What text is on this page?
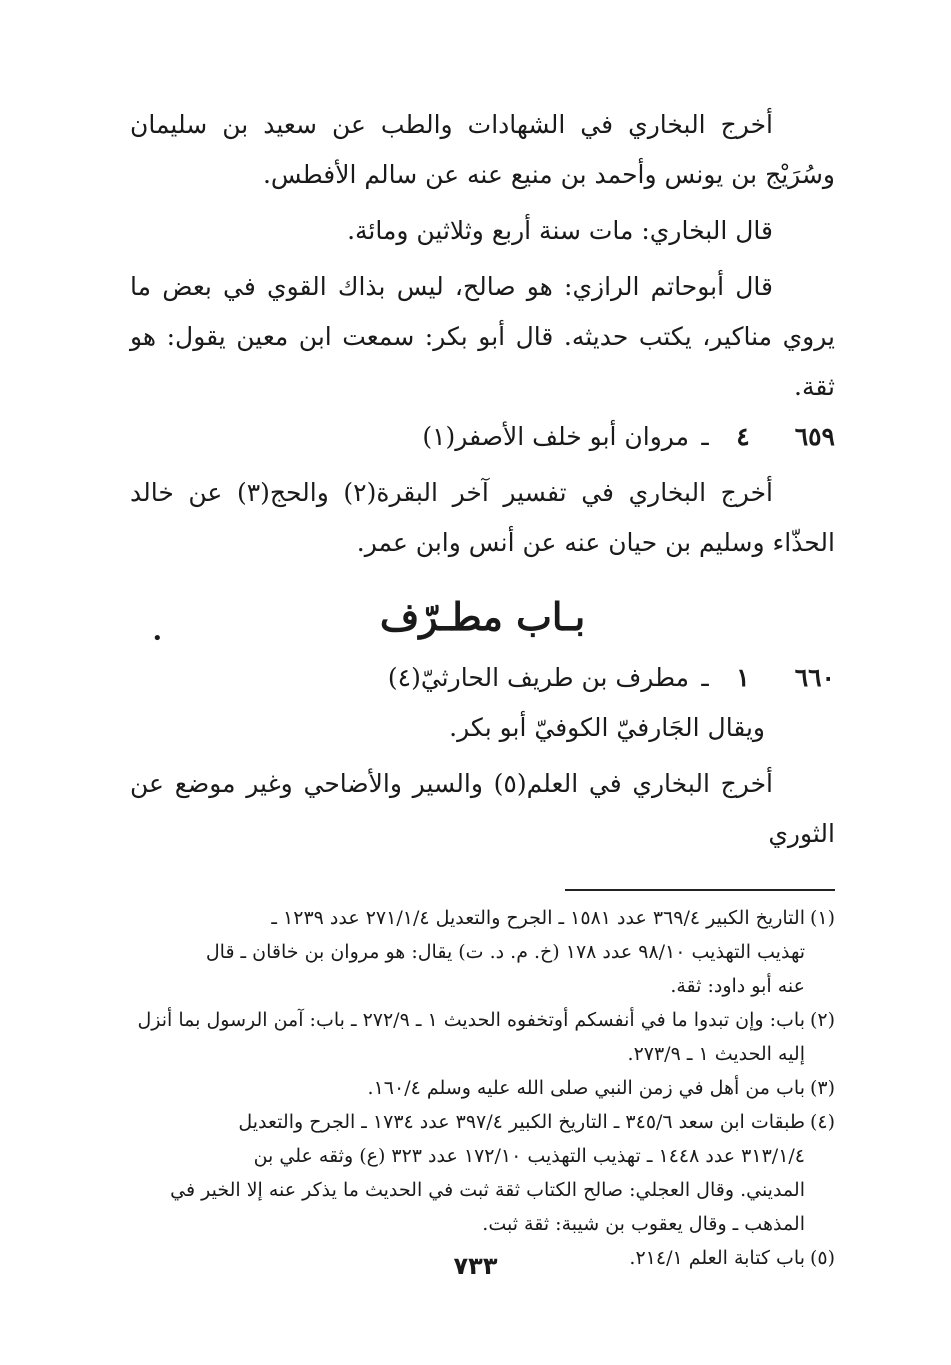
أخرج البخاري في الشهادات والطب عن سعيد بن سليمان وسُرَيْج بن يونس وأحمد بن منيع عنه عن سالم الأفطس.

قال البخاري: مات سنة أربع وثلاثين ومائة.

قال أبوحاتم الرازي: هو صالح، ليس بذاك القوي في بعض ما يروي مناكير، يكتب حديثه. قال أبو بكر: سمعت ابن معين يقول: هو ثقة.

٦٥٩
٤
ـ
مروان أبو خلف الأصفر(١)

أخرج البخاري في تفسير آخر البقرة(٢) والحج(٣) عن خالد الحذّاء وسليم بن حيان عنه عن أنس وابن عمر.

بـاب مطـرّف
٦٦٠
١
ـ
مطرف بن طريف الحارثيّ(٤)

ويقال الجَارفيّ الكوفيّ أبو بكر.

أخرج البخاري في العلم(٥) والسير والأضاحي وغير موضع عن الثوري

(١)التاريخ الكبير ٣٦٩/٤ عدد ١٥٨١ ـ الجرح والتعديل ٢٧١/١/٤ عدد ١٢٣٩ ـ

تهذيب التهذيب ٩٨/١٠ عدد ١٧٨ (خ. م. د. ت) يقال: هو مروان بن خاقان ـ قال

عنه أبو داود: ثقة.

(٢)باب: وإن تبدوا ما في أنفسكم أوتخفوه الحديث ١ ـ ٢٧٢/٩ ـ باب: آمن الرسول بما أنزل

إليه الحديث ١ ـ ٢٧٣/٩.

(٣)باب من أهل في زمن النبي صلى الله عليه وسلم ١٦٠/٤.

(٤)طبقات ابن سعد ٣٤٥/٦ ـ التاريخ الكبير ٣٩٧/٤ عدد ١٧٣٤ ـ الجرح والتعديل

٣١٣/١/٤ عدد ١٤٤٨ ـ تهذيب التهذيب ١٧٢/١٠ عدد ٣٢٣ (ع) وثقه علي بن

المديني. وقال العجلي: صالح الكتاب ثقة ثبت في الحديث ما يذكر عنه إلا الخير في

المذهب ـ وقال يعقوب بن شيبة: ثقة ثبت.

(٥)باب كتابة العلم ٢١٤/١.

•
٧٣٣
